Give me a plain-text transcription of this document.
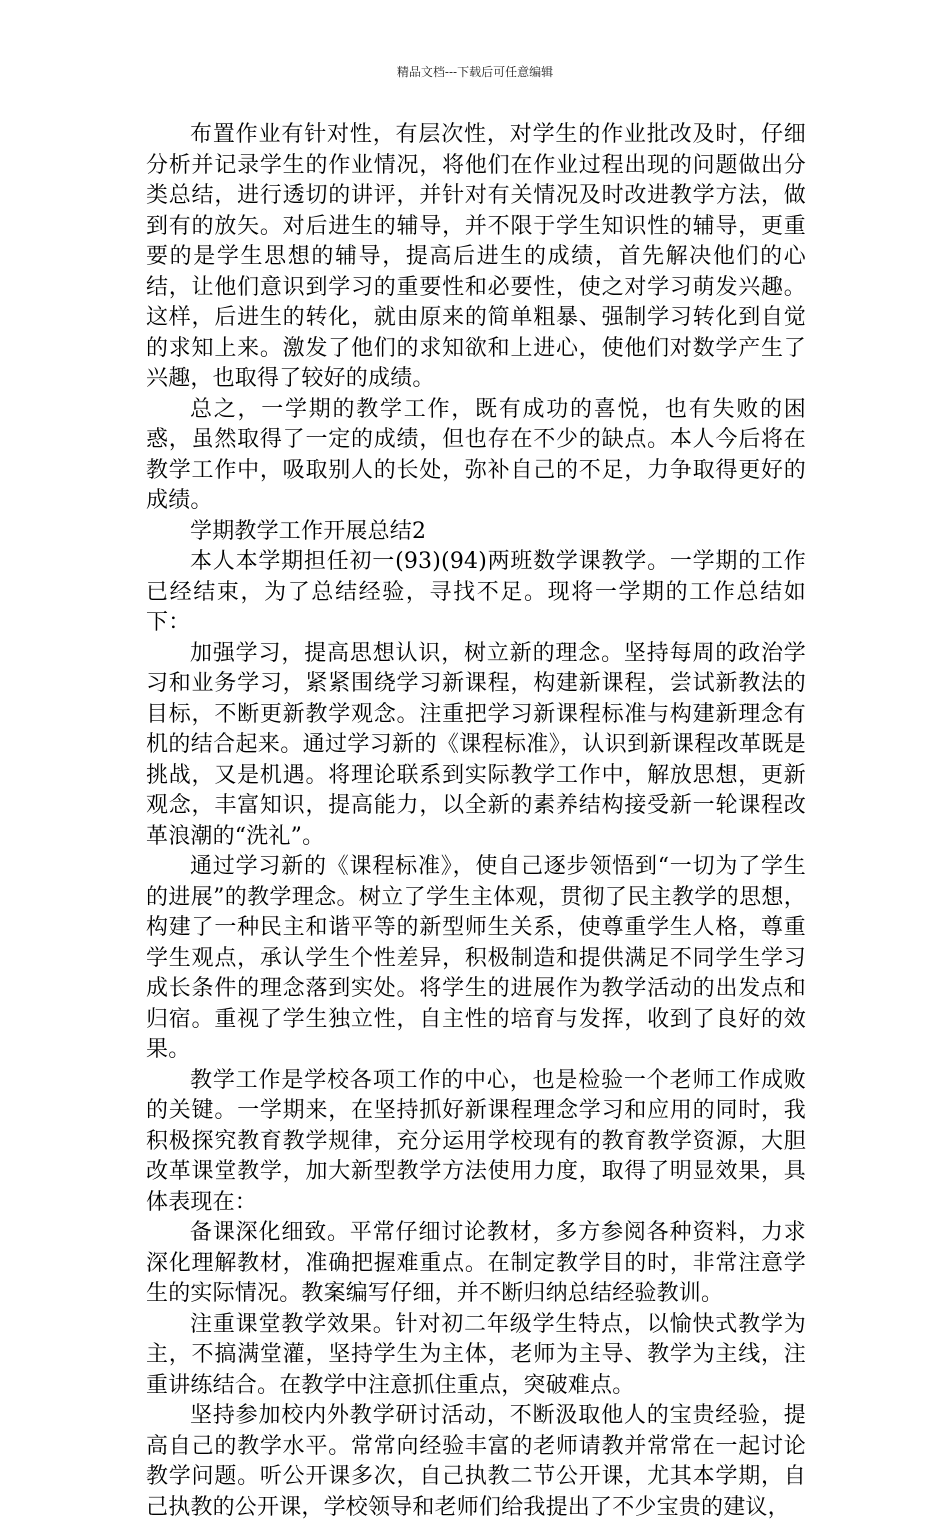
精品文档---下载后可任意编辑

布置作业有针对性，有层次性，对学生的作业批改及时，仔细分析并记录学生的作业情况，将他们在作业过程出现的问题做出分类总结，进行透切的讲评，并针对有关情况及时改进教学方法，做到有的放矢。对后进生的辅导，并不限于学生知识性的辅导，更重要的是学生思想的辅导，提高后进生的成绩，首先解决他们的心结，让他们意识到学习的重要性和必要性，使之对学习萌发兴趣。这样，后进生的转化，就由原来的简单粗暴、强制学习转化到自觉的求知上来。激发了他们的求知欲和上进心，使他们对数学产生了兴趣，也取得了较好的成绩。

总之，一学期的教学工作，既有成功的喜悦，也有失败的困惑，虽然取得了一定的成绩，但也存在不少的缺点。本人今后将在教学工作中，吸取别人的长处，弥补自己的不足，力争取得更好的成绩。

学期教学工作开展总结2

本人本学期担任初一(93)(94)两班数学课教学。一学期的工作已经结束，为了总结经验，寻找不足。现将一学期的工作总结如下：

加强学习，提高思想认识，树立新的理念。坚持每周的政治学习和业务学习，紧紧围绕学习新课程，构建新课程，尝试新教法的目标，不断更新教学观念。注重把学习新课程标准与构建新理念有机的结合起来。通过学习新的《课程标准》，认识到新课程改革既是挑战，又是机遇。将理论联系到实际教学工作中，解放思想，更新观念，丰富知识，提高能力，以全新的素养结构接受新一轮课程改革浪潮的“洗礼”。

通过学习新的《课程标准》，使自己逐步领悟到“一切为了学生的进展”的教学理念。树立了学生主体观，贯彻了民主教学的思想，构建了一种民主和谐平等的新型师生关系，使尊重学生人格，尊重学生观点，承认学生个性差异，积极制造和提供满足不同学生学习成长条件的理念落到实处。将学生的进展作为教学活动的出发点和归宿。重视了学生独立性，自主性的培育与发挥，收到了良好的效果。

教学工作是学校各项工作的中心，也是检验一个老师工作成败的关键。一学期来，在坚持抓好新课程理念学习和应用的同时，我积极探究教育教学规律，充分运用学校现有的教育教学资源，大胆改革课堂教学，加大新型教学方法使用力度，取得了明显效果，具体表现在：

备课深化细致。平常仔细讨论教材，多方参阅各种资料，力求深化理解教材，准确把握难重点。在制定教学目的时，非常注意学生的实际情况。教案编写仔细，并不断归纳总结经验教训。

注重课堂教学效果。针对初二年级学生特点，以愉快式教学为主，不搞满堂灌，坚持学生为主体，老师为主导、教学为主线，注重讲练结合。在教学中注意抓住重点，突破难点。

坚持参加校内外教学研讨活动，不断汲取他人的宝贵经验，提高自己的教学水平。常常向经验丰富的老师请教并常常在一起讨论教学问题。听公开课多次，自己执教二节公开课，尤其本学期，自己执教的公开课，学校领导和老师们给我提出了不少宝贵的建议，
